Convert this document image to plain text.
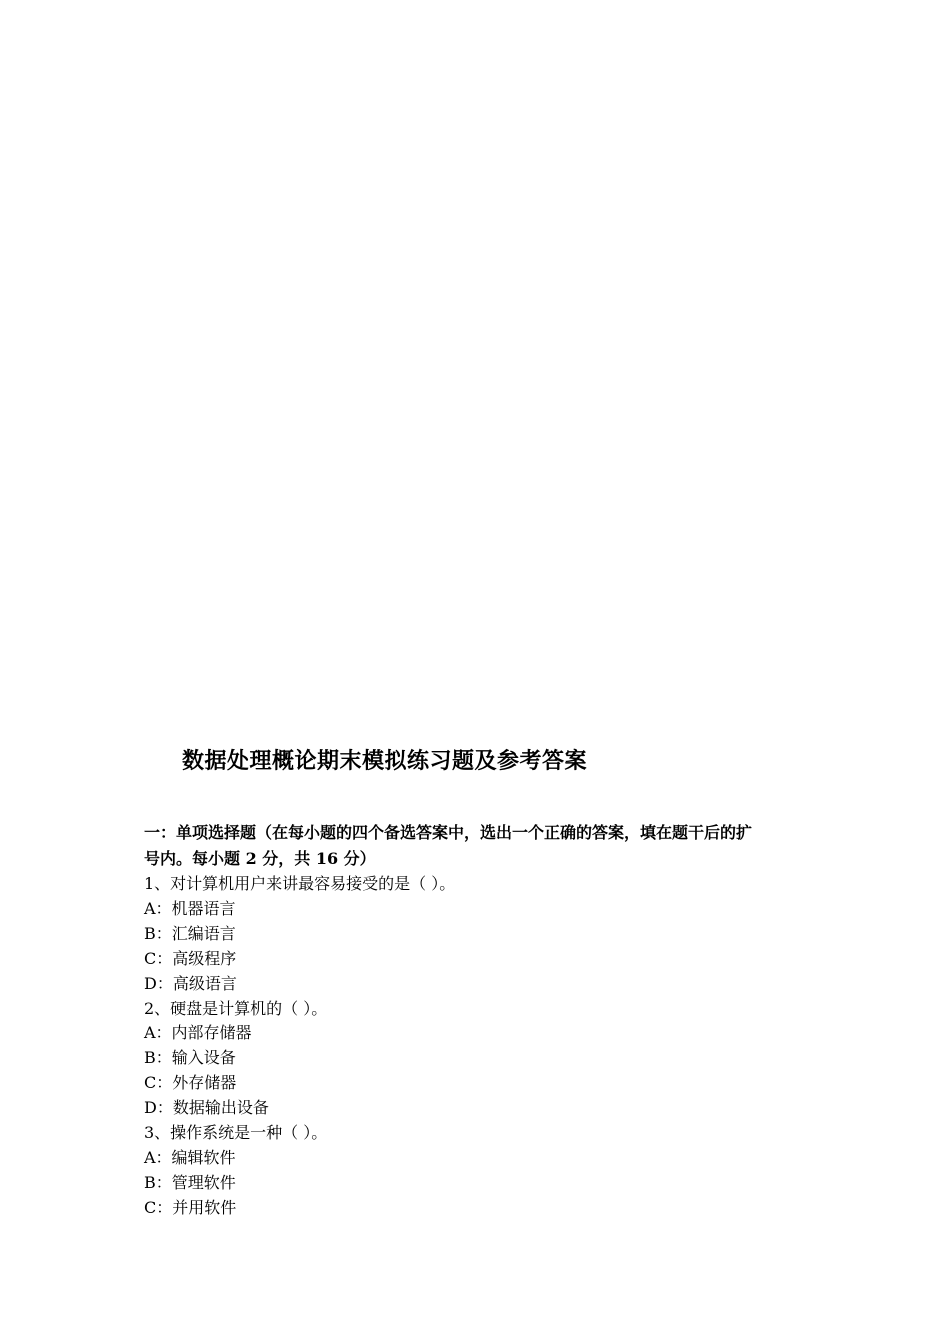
数据处理概论期末模拟练习题及参考答案

一：单项选择题（在每小题的四个备选答案中，选出一个正确的答案，填在题干后的扩号内。每小题 2 分，共 16 分）

1、对计算机用户来讲最容易接受的是（ ）。

A：机器语言

B：汇编语言

C：高级程序

D：高级语言

2、硬盘是计算机的（ ）。

A：内部存储器

B：输入设备

C：外存储器

D：数据输出设备

3、操作系统是一种（ ）。

A：编辑软件

B：管理软件

C：并用软件
